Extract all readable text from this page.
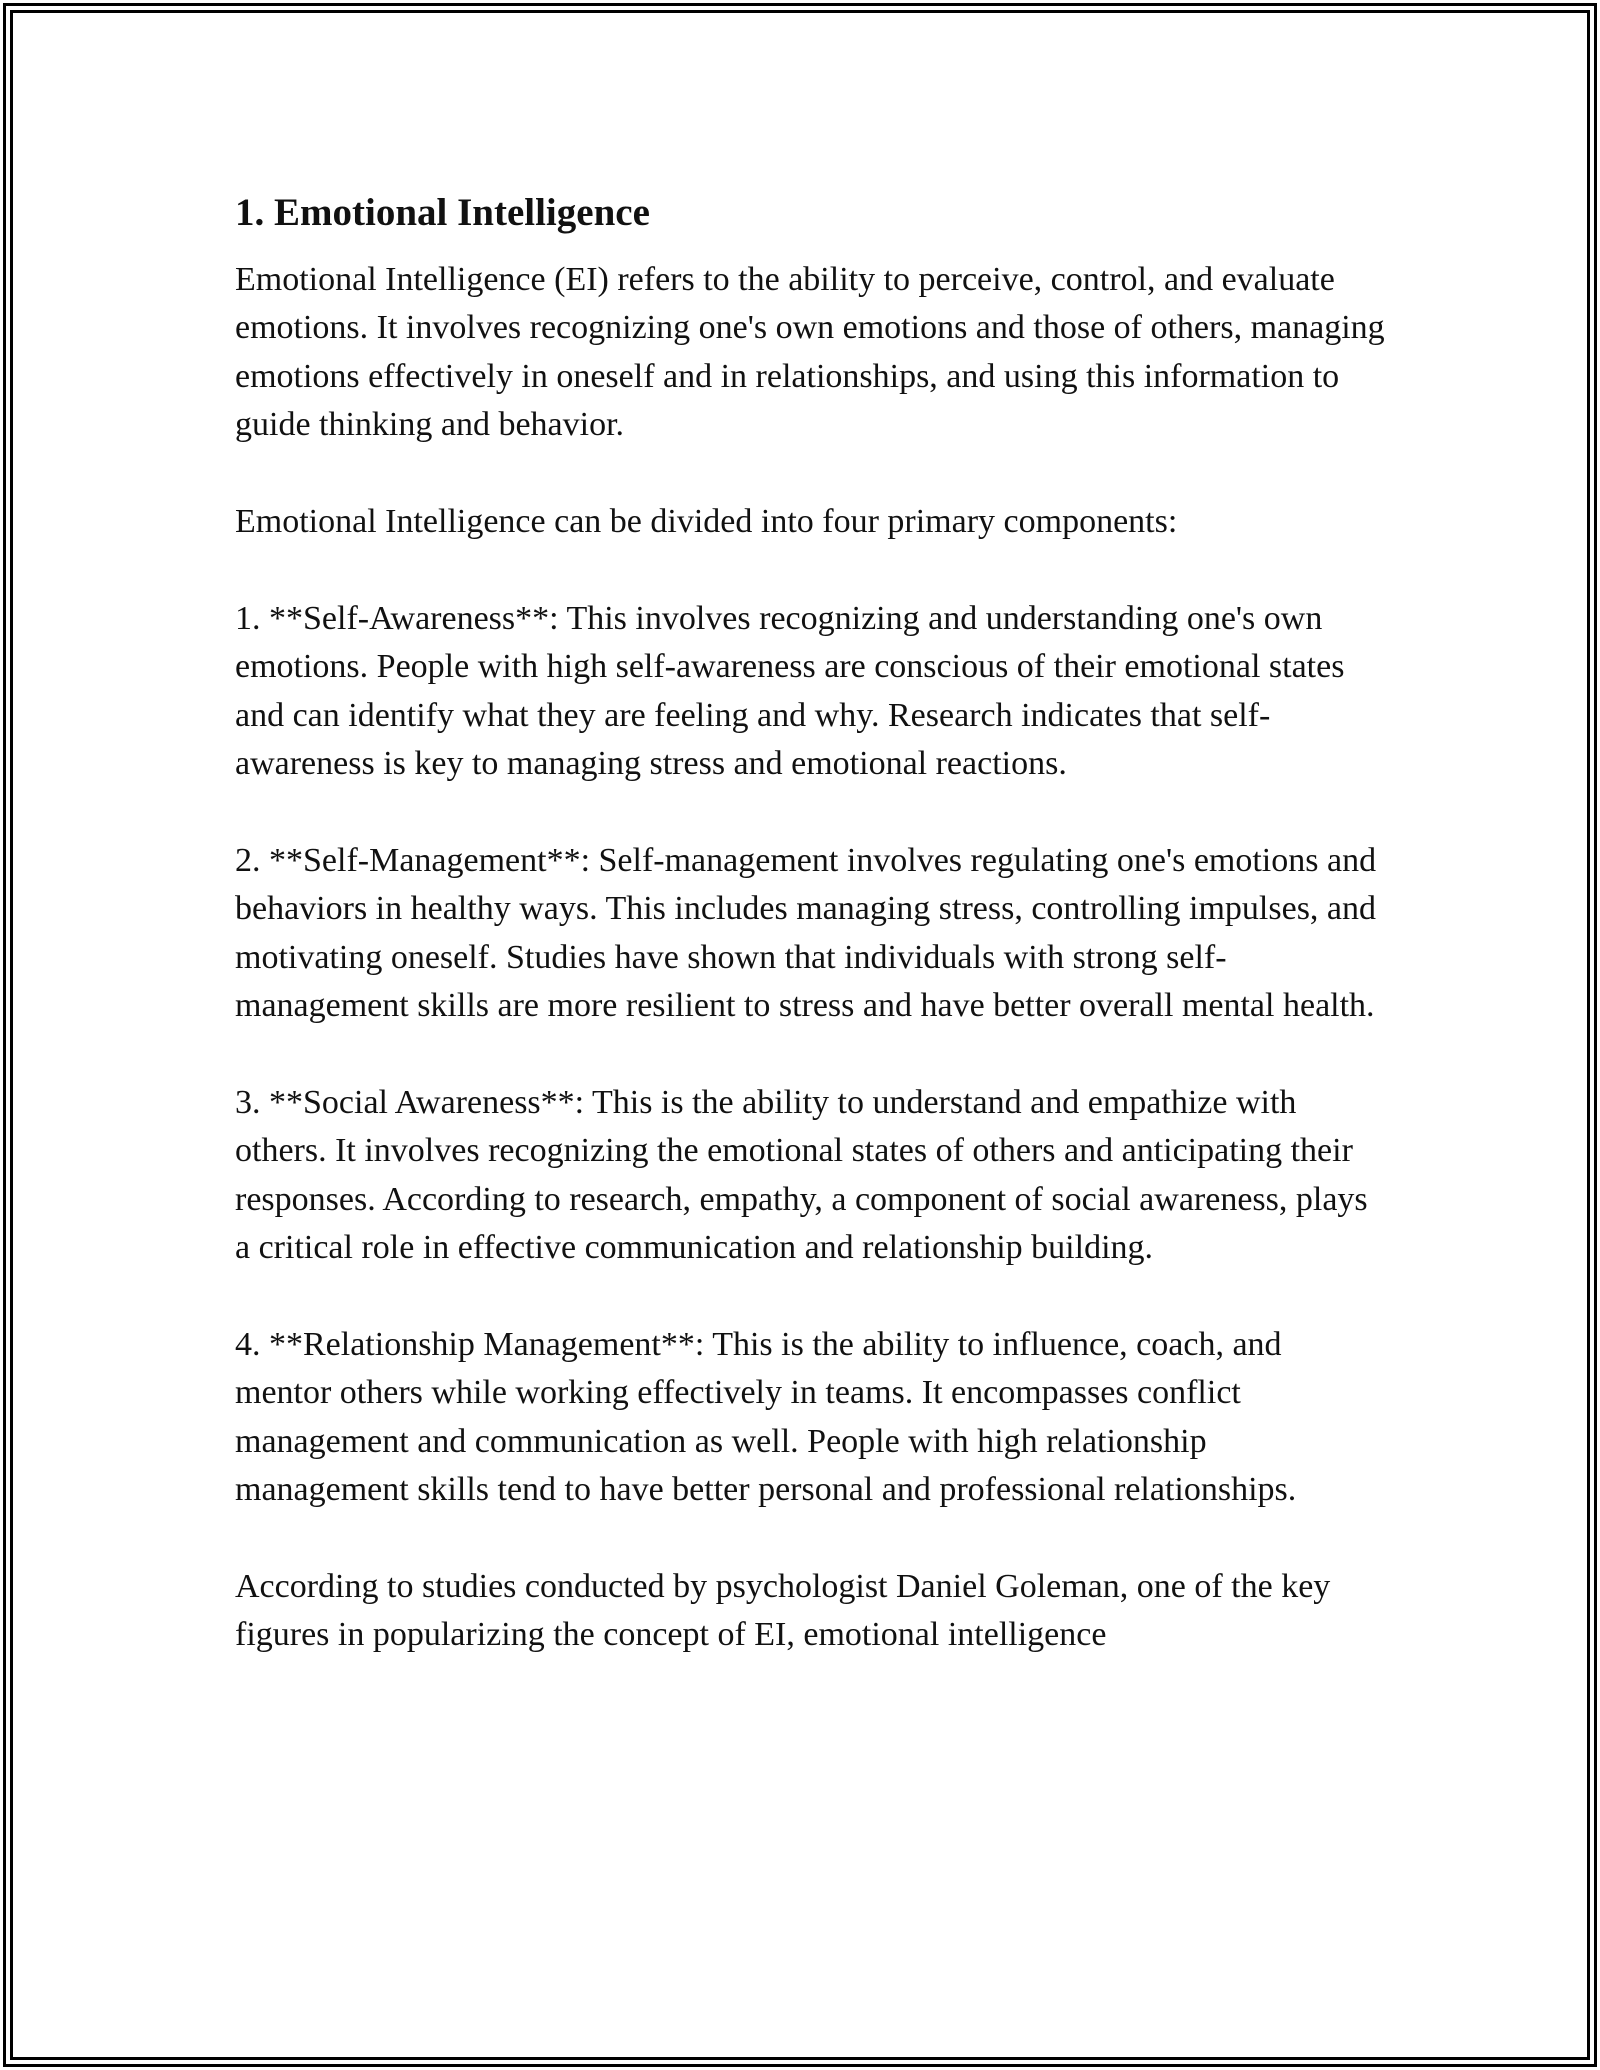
1. Emotional Intelligence

Emotional Intelligence (EI) refers to the ability to perceive, control, and evaluate emotions. It involves recognizing one's own emotions and those of others, managing emotions effectively in oneself and in relationships, and using this information to guide thinking and behavior.

Emotional Intelligence can be divided into four primary components:

1. **Self-Awareness**: This involves recognizing and understanding one's own emotions. People with high self-awareness are conscious of their emotional states and can identify what they are feeling and why. Research indicates that self-awareness is key to managing stress and emotional reactions.

2. **Self-Management**: Self-management involves regulating one's emotions and behaviors in healthy ways. This includes managing stress, controlling impulses, and motivating oneself. Studies have shown that individuals with strong self-management skills are more resilient to stress and have better overall mental health.

3. **Social Awareness**: This is the ability to understand and empathize with others. It involves recognizing the emotional states of others and anticipating their responses. According to research, empathy, a component of social awareness, plays a critical role in effective communication and relationship building.

4. **Relationship Management**: This is the ability to influence, coach, and mentor others while working effectively in teams. It encompasses conflict management and communication as well. People with high relationship management skills tend to have better personal and professional relationships.

According to studies conducted by psychologist Daniel Goleman, one of the key figures in popularizing the concept of EI, emotional intelligence
